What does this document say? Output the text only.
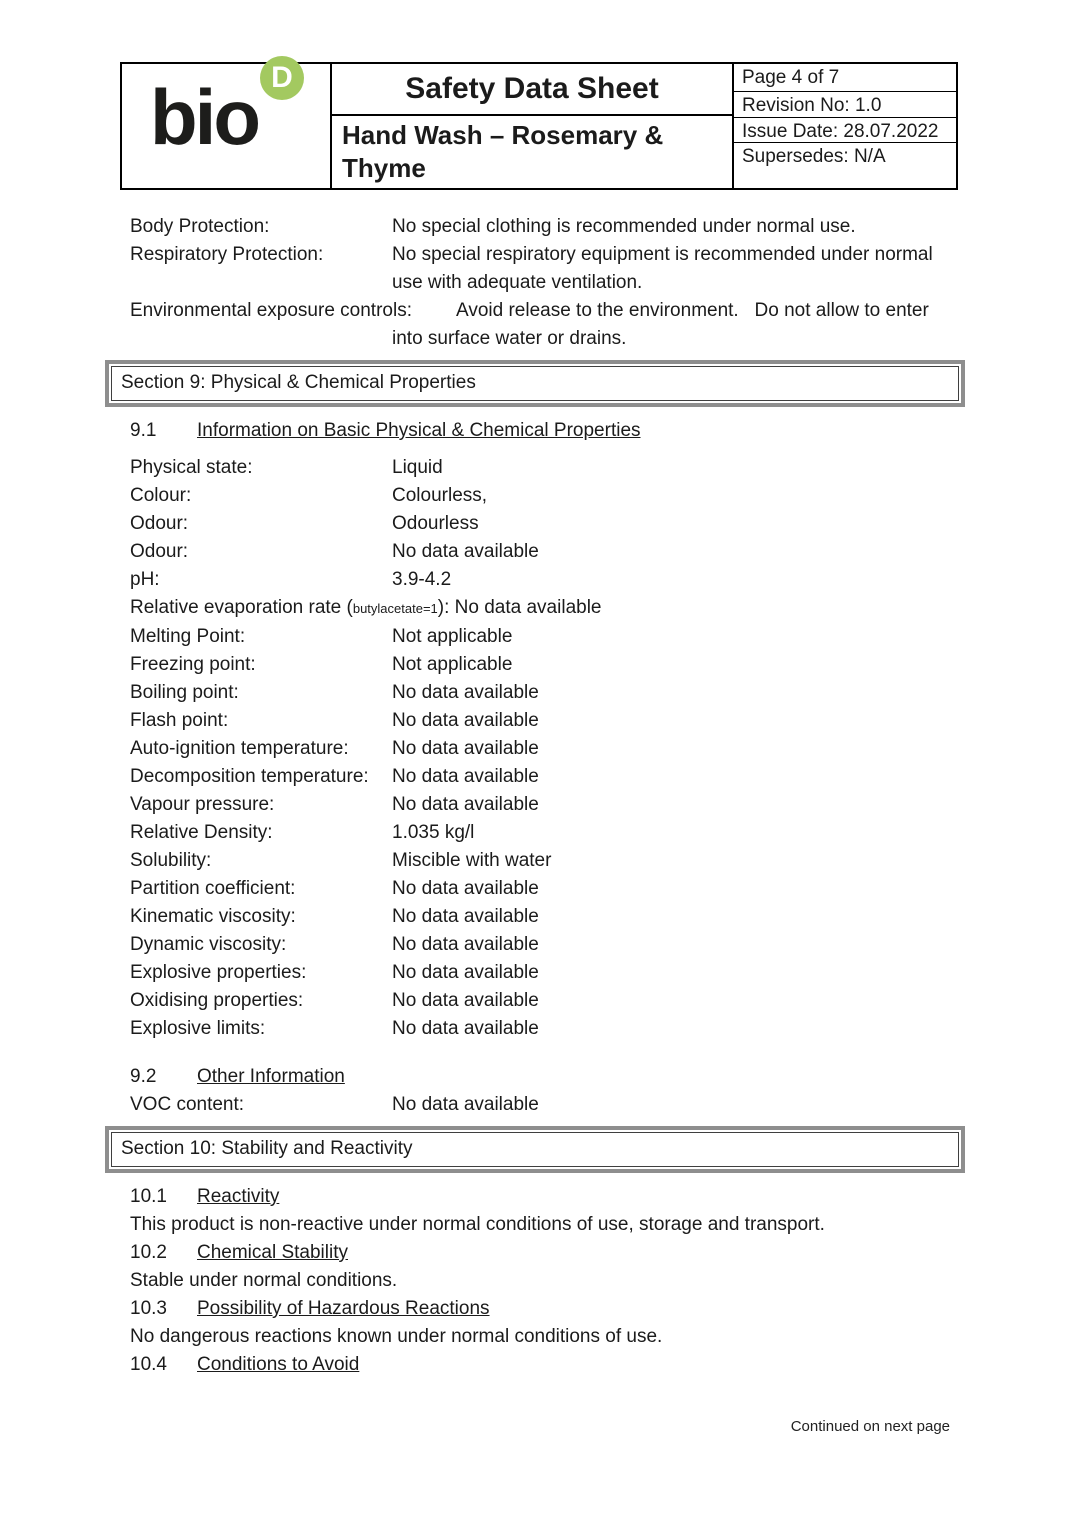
bio D	Safety Data Sheet
Hand Wash – Rosemary & Thyme
Page 4 of 7
Revision No: 1.0
Issue Date: 28.07.2022
Supersedes: N/A
Body Protection:	No special clothing is recommended under normal use.
Respiratory Protection:	No special respiratory equipment is recommended under normal use with adequate ventilation.
Environmental exposure controls:	Avoid release to the environment.   Do not allow to enter into surface water or drains.
Section 9: Physical & Chemical Properties
9.1	Information on Basic Physical & Chemical Properties
Physical state:	Liquid
Colour:	Colourless,
Odour:	Odourless
Odour:	No data available
pH:	3.9-4.2
Relative evaporation rate (butylacetate=1): No data available
Melting Point:	Not applicable
Freezing point:	Not applicable
Boiling point:	No data available
Flash point:	No data available
Auto-ignition temperature:	No data available
Decomposition temperature:	No data available
Vapour pressure:	No data available
Relative Density:	1.035 kg/l
Solubility:	Miscible with water
Partition coefficient:	No data available
Kinematic viscosity:	No data available
Dynamic viscosity:	No data available
Explosive properties:	No data available
Oxidising properties:	No data available
Explosive limits:	No data available
9.2	Other Information
VOC content:	No data available
Section 10: Stability and Reactivity
10.1	Reactivity
This product is non-reactive under normal conditions of use, storage and transport.
10.2	Chemical Stability
Stable under normal conditions.
10.3	Possibility of Hazardous Reactions
No dangerous reactions known under normal conditions of use.
10.4	Conditions to Avoid
Continued on next page
